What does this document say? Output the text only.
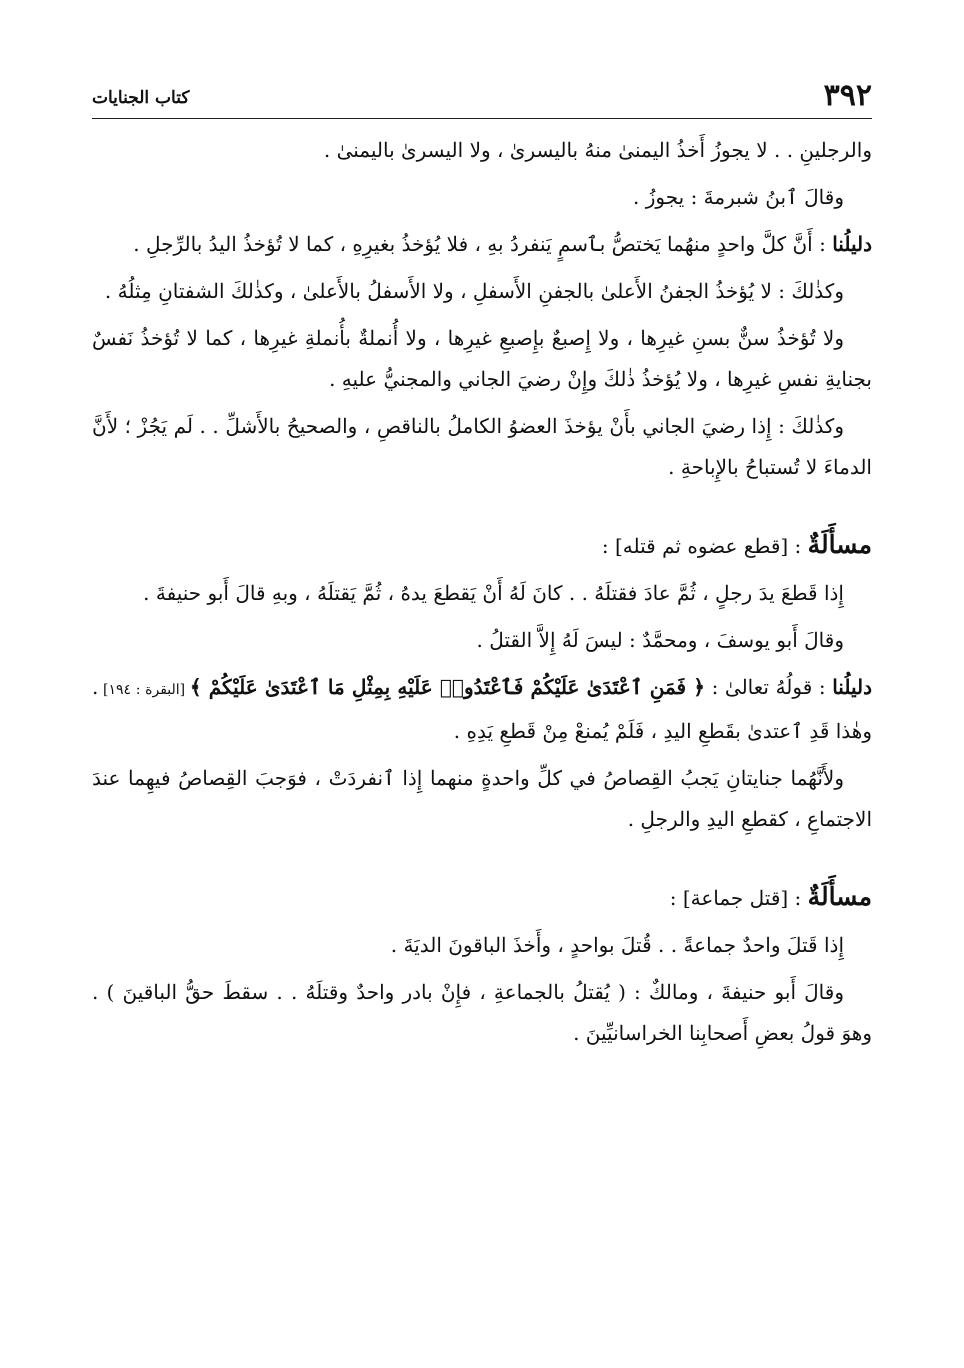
٣٩٢
كتاب الجنايات

والرجلينِ . . لا يجوزُ أَخذُ اليمنىٰ منهُ باليسرىٰ ، ولا اليسرىٰ باليمنىٰ .

وقالَ ٱبنُ شبرمةَ : يجوزُ .

دليلُنا : أَنَّ كلَّ واحدٍ منهُما يَختصُّ بٱسمٍ يَنفردُ بهِ ، فلا يُؤخذُ بغيرِهِ ، كما لا تُؤخذُ اليدُ بالرِّجلِ .

وكذٰلكَ : لا يُؤخذُ الجفنُ الأَعلىٰ بالجفنِ الأَسفلِ ، ولا الأَسفلُ بالأَعلىٰ ، وكذٰلكَ الشفتانِ مِثلُهُ .

ولا تُؤخذُ سنٌّ بسنِ غيرِها ، ولا إِصبعٌ بإِصبعِ غيرِها ، ولا أُنملةٌ بأُنملةِ غيرِها ، كما لا تُؤخذُ نَفسٌ بجنايةِ نفسِ غيرِها ، ولا يُؤخذُ ذٰلكَ وإِنْ رضيَ الجاني والمجنيُّ عليهِ .

وكذٰلكَ : إِذا رضيَ الجاني بأَنْ يؤخذَ العضوُ الكاملُ بالناقصِ ، والصحيحُ بالأَشلِّ . . لَم يَجُزْ ؛ لأَنَّ الدماءَ لا تُستباحُ بالإِباحةِ .

مسأَلَةٌ : [قطع عضوه ثم قتله] :

إِذا قَطعَ يدَ رجلٍ ، ثُمَّ عادَ فقتلَهُ . . كانَ لَهُ أَنْ يَقطعَ يدهُ ، ثُمَّ يَقتلَهُ ، وبهِ قالَ أَبو حنيفةَ .

وقالَ أَبو يوسفَ ، ومحمَّدٌ : ليسَ لَهُ إِلاَّ القتلُ .

دليلُنا : قولُهُ تعالىٰ : ﴿ فَمَنِ ٱعْتَدَىٰ عَلَيْكُمْ فَٱعْتَدُوا۟ عَلَيْهِ بِمِثْلِ مَا ٱعْتَدَىٰ عَلَيْكُمْ ﴾ [البقرة : ١٩٤] . وهٰذا قَدِ ٱعتدىٰ بقَطعِ اليدِ ، فَلَمْ يُمنعْ مِنْ قَطعِ يَدِهِ .

ولأَنَّهُما جنايتانِ يَجبُ القِصاصُ في كلِّ واحدةٍ منهما إِذا ٱنفردَتْ ، فوَجبَ القِصاصُ فيهِما عندَ الاجتماعِ ، كقطعِ اليدِ والرجلِ .

مسأَلَةٌ : [قتل جماعة] :

إِذا قَتلَ واحدٌ جماعةً . . قُتلَ بواحدٍ ، وأَخذَ الباقونَ الديَةَ .

وقالَ أَبو حنيفةَ ، ومالكٌ : ( يُقتلُ بالجماعةِ ، فإِنْ بادر واحدٌ وقتلَهُ . . سقطَ حقُّ الباقينَ ) . وهوَ قولُ بعضِ أَصحابِنا الخراسانيِّينَ .
